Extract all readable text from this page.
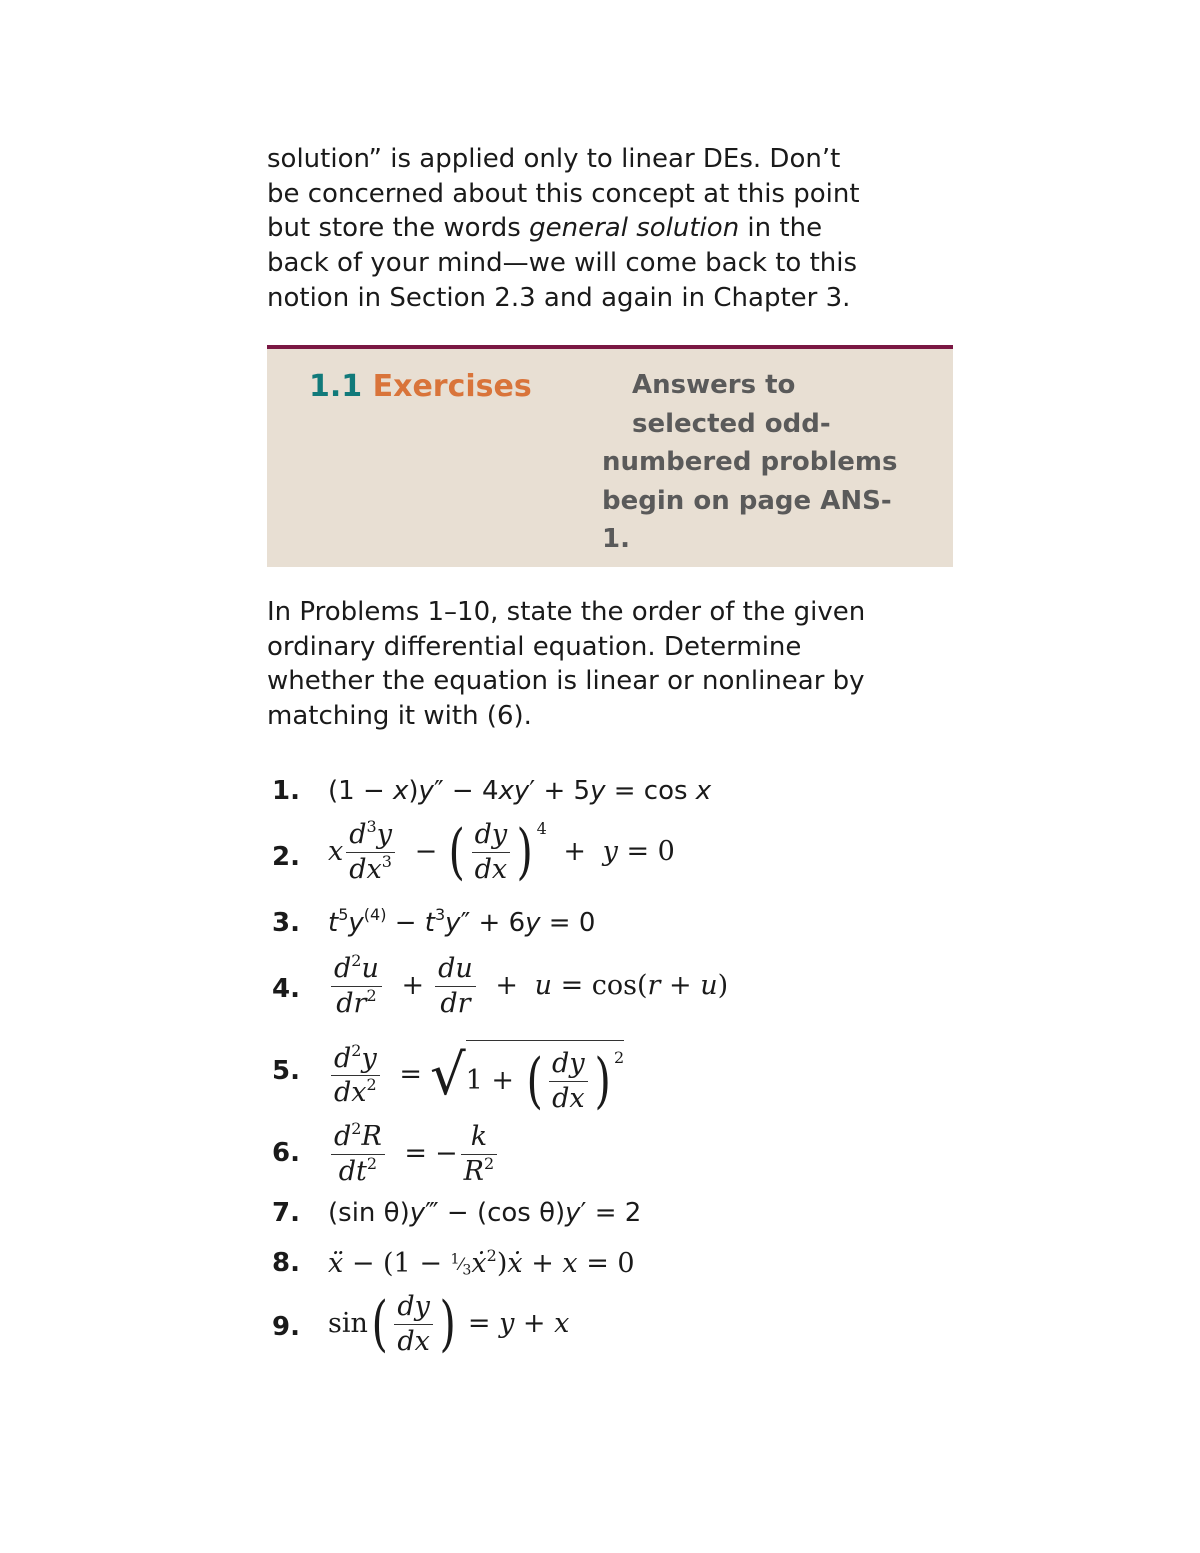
solution” is applied only to linear DEs. Don’t
be concerned about this concept at this point
but store the words general solution in the
back of your mind—we will come back to this
notion in Section 2.3 and again in Chapter 3.

1.1 Exercises	Answers to
selected odd-
numbered problems
begin on page ANS-
1.
In Problems 1–10, state the order of the given
ordinary differential equation. Determine
whether the equation is linear or nonlinear by
matching it with (6).
1. (1 − x)y″ − 4xy′ + 5y = cos x
2. x $\frac{d^3y}{dx^3}$ − ( $\frac{dy}{dx}$ ) $^4$ + y = 0
3. $t^5y^{(4)} - t^3y'' + 6y = 0$
4. $\frac{d^2u}{dr^2} + \frac{du}{dr} + u = \cos(r + u)$
5. $\frac{d^2y}{dx^2} = √1$ + ( $\frac{dy}{dx}$ ) $^2$
6. $\frac{d^2R}{dt^2}$ = − $\frac{k}{R^2}$
7. (sin θ)y‴ − (cos θ)y′ = 2
8. ẍ − $(1 - ^1⁄_3ẋ^2)ẋ + x = 0$
9. $\sin( \frac{dy}{dx}$ ) = y + x
